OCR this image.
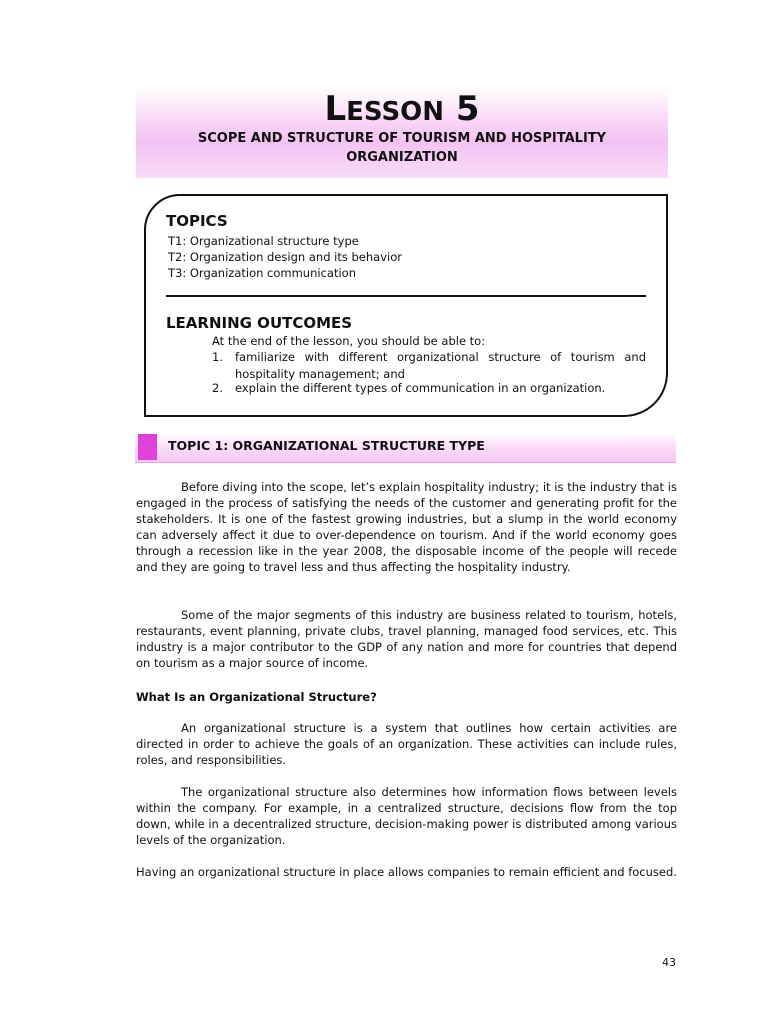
LESSON 5
SCOPE AND STRUCTURE OF TOURISM AND HOSPITALITY
ORGANIZATION
TOPICS
T1: Organizational structure type
T2: Organization design and its behavior
T3: Organization communication
LEARNING OUTCOMES
At the end of the lesson, you should be able to:
1. familiarize with different organizational structure of tourism and hospitality management; and
2. explain the different types of communication in an organization.
TOPIC 1: ORGANIZATIONAL STRUCTURE TYPE

Before diving into the scope, let’s explain hospitality industry; it is the industry that is engaged in the process of satisfying the needs of the customer and generating profit for the stakeholders. It is one of the fastest growing industries, but a slump in the world economy can adversely affect it due to over-dependence on tourism. And if the world economy goes through a recession like in the year 2008, the disposable income of the people will recede and they are going to travel less and thus affecting the hospitality industry.

Some of the major segments of this industry are business related to tourism, hotels, restaurants, event planning, private clubs, travel planning, managed food services, etc. This industry is a major contributor to the GDP of any nation and more for countries that depend on tourism as a major source of income.

What Is an Organizational Structure?

An organizational structure is a system that outlines how certain activities are directed in order to achieve the goals of an organization. These activities can include rules, roles, and responsibilities.

The organizational structure also determines how information flows between levels within the company. For example, in a centralized structure, decisions flow from the top down, while in a decentralized structure, decision-making power is distributed among various levels of the organization.

Having an organizational structure in place allows companies to remain efficient and focused.

43
